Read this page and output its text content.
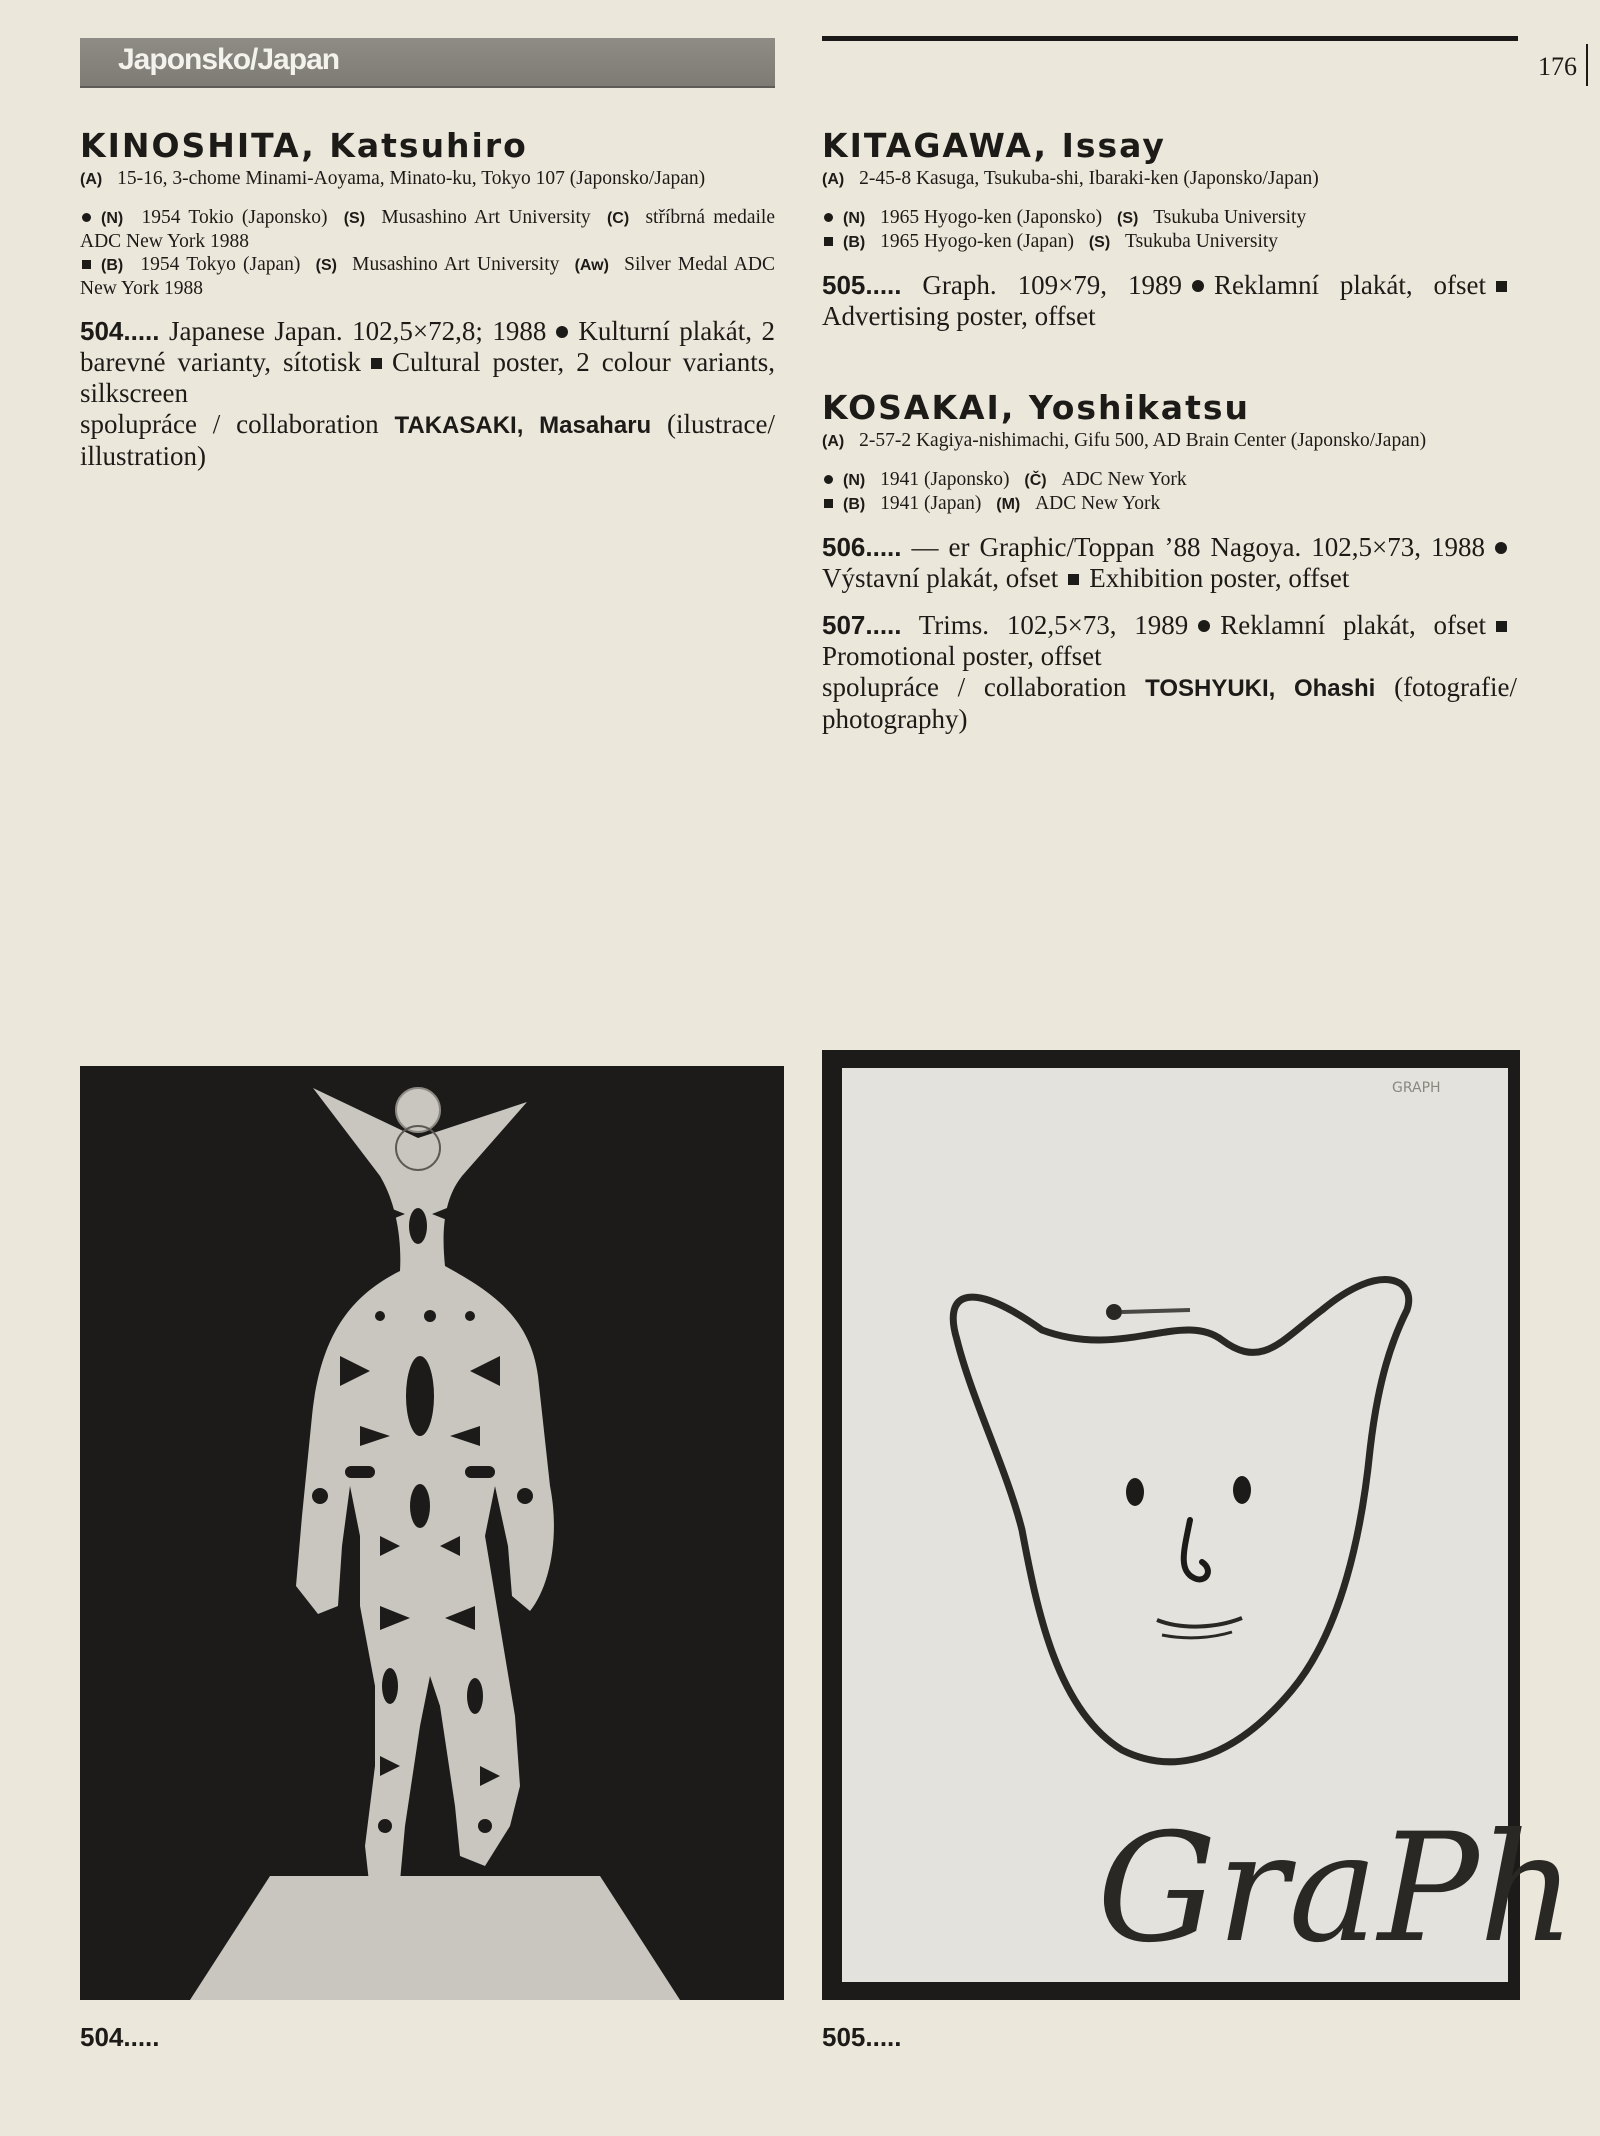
Japonsko/Japan	176
KINOSHITA, Katsuhiro

(A) 15-16, 3-chome Minami-Aoyama, Minato-ku, Tokyo 107 (Japonsko/Japan)

(N) 1954 Tokio (Japonsko) (S) Musashino Art University (C) stříbrná medaile ADC New York 1988
(B) 1954 Tokyo (Japan) (S) Musashino Art University (Aw) Silver Medal ADC New York 1988

504..... Japanese Japan. 102,5×72,8; 1988 Kulturní plakát, 2 barevné varianty, sítotisk Cultural poster, 2 colour variants, silkscreen
spolupráce / collaboration TAKASAKI, Masaharu (ilustrace/ illustration)

KITAGAWA, Issay

(A) 2-45-8 Kasuga, Tsukuba-shi, Ibaraki-ken (Japonsko/Japan)

(N) 1965 Hyogo-ken (Japonsko) (S) Tsukuba University
(B) 1965 Hyogo-ken (Japan) (S) Tsukuba University

505..... Graph. 109×79, 1989 Reklamní plakát, ofsetAdvertising poster, offset

KOSAKAI, Yoshikatsu

(A) 2-57-2 Kagiya-nishimachi, Gifu 500, AD Brain Center (Japonsko/Japan)

(N) 1941 (Japonsko) (Č) ADC New York
(B) 1941 (Japan) (M) ADC New York

506..... — er Graphic/Toppan ’88 Nagoya. 102,5×73, 1988Výstavní plakát, ofset Exhibition poster, offset

507..... Trims. 102,5×73, 1989 Reklamní plakát, ofsetPromotional poster, offset
spolupráce / collaboration TOSHYUKI, Ohashi (fotografie/ photography)

GraPh
GRAPH
504.....	505.....
